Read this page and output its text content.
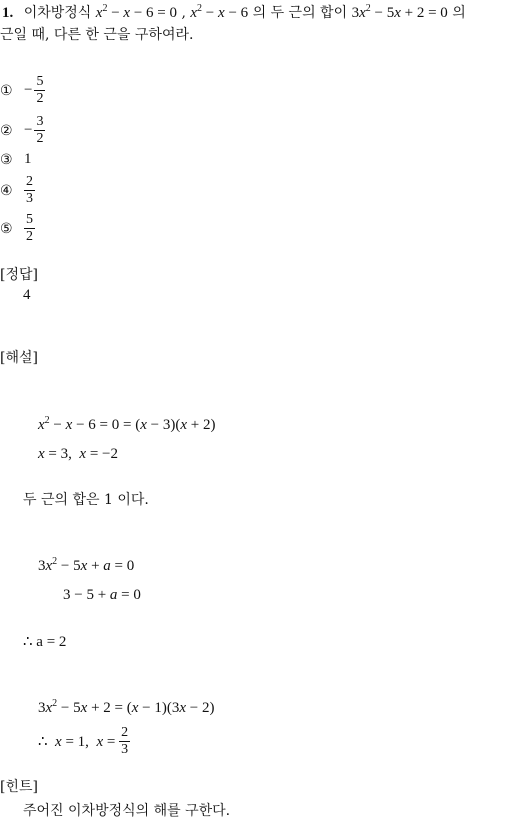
1. 이차방정식 $x^2 - x - 6 = 0$ , $x^2 - x - 6$ 의 두 근의 합이 $3x^2 - 5x + 2 = 0$ 의
근일 때, 다른 한 근을 구하여라.
① − $\frac{5}{2}$
② − $\frac{3}{2}$
③ 1
④ $\frac{2}{3}$
⑤ $\frac{5}{2}$
[정답]
4
[해설]
$x^2 - x - 6 = 0 = (x - 3)(x + 2)$
x = 3,  x = −2
두 근의 합은 1 이다.
$3x^2 - 5x + a = 0$
3 − 5 + a = 0
∴ a = 2
$3x^2 - 5x + 2 = (x - 1)(3x - 2)$
∴  x = 1,  $x = \frac{2}{3}$
[힌트]
주어진 이차방정식의 해를 구한다.
